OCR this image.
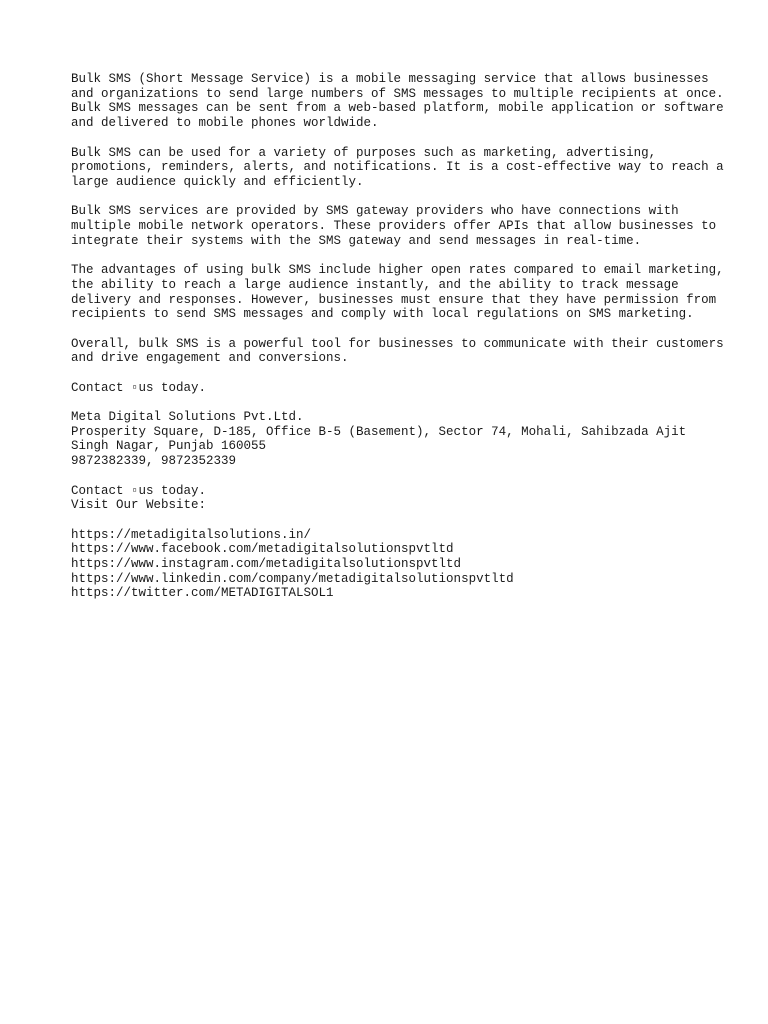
Bulk SMS (Short Message Service) is a mobile messaging service that allows businesses and organizations to send large numbers of SMS messages to multiple recipients at once. Bulk SMS messages can be sent from a web-based platform, mobile application or software and delivered to mobile phones worldwide.

Bulk SMS can be used for a variety of purposes such as marketing, advertising, promotions, reminders, alerts, and notifications. It is a cost-effective way to reach a large audience quickly and efficiently.

Bulk SMS services are provided by SMS gateway providers who have connections with multiple mobile network operators. These providers offer APIs that allow businesses to integrate their systems with the SMS gateway and send messages in real-time.

The advantages of using bulk SMS include higher open rates compared to email marketing, the ability to reach a large audience instantly, and the ability to track message delivery and responses. However, businesses must ensure that they have permission from recipients to send SMS messages and comply with local regulations on SMS marketing.

Overall, bulk SMS is a powerful tool for businesses to communicate with their customers and drive engagement and conversions.

Contact ▫us today.
Meta Digital Solutions Pvt.Ltd.
Prosperity Square, D-185, Office B-5 (Basement), Sector 74, Mohali, Sahibzada Ajit
Singh Nagar, Punjab 160055
9872382339, 9872352339
Contact ▫us today.
Visit Our Website:
https://metadigitalsolutions.in/
https://www.facebook.com/metadigitalsolutionspvtltd
https://www.instagram.com/metadigitalsolutionspvtltd
https://www.linkedin.com/company/metadigitalsolutionspvtltd
https://twitter.com/METADIGITALSOL1
